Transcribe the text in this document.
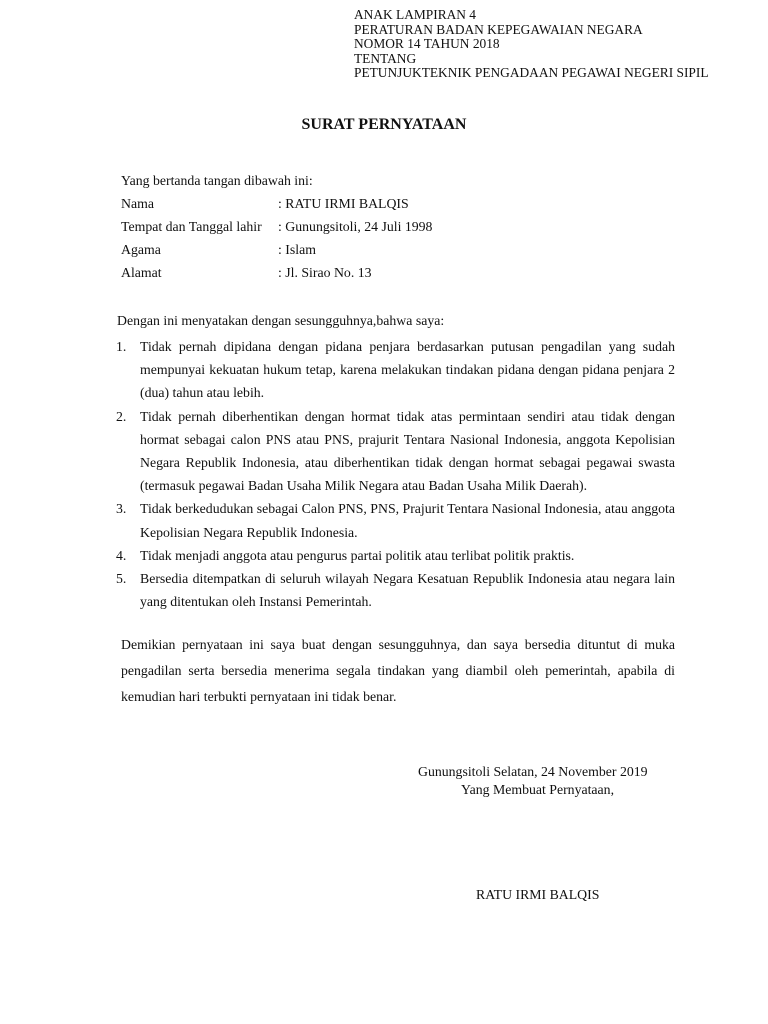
ANAK LAMPIRAN 4
PERATURAN BADAN KEPEGAWAIAN NEGARA
NOMOR 14 TAHUN 2018
TENTANG
PETUNJUKTEKNIK PENGADAAN PEGAWAI NEGERI SIPIL
SURAT PERNYATAAN
Yang bertanda tangan dibawah ini:
Nama	: RATU IRMI BALQIS
Tempat dan Tanggal lahir : Gunungsitoli, 24 Juli 1998
Agama	: Islam
Alamat	: Jl. Sirao No. 13
Dengan ini menyatakan dengan sesungguhnya,bahwa saya:
1. Tidak pernah dipidana dengan pidana penjara berdasarkan putusan pengadilan yang sudah mempunyai kekuatan hukum tetap, karena melakukan tindakan pidana dengan pidana penjara 2 (dua) tahun atau lebih.
2. Tidak pernah diberhentikan dengan hormat tidak atas permintaan sendiri atau tidak dengan hormat sebagai calon PNS atau PNS, prajurit Tentara Nasional Indonesia, anggota Kepolisian Negara Republik Indonesia, atau diberhentikan tidak dengan hormat sebagai pegawai swasta (termasuk pegawai Badan Usaha Milik Negara atau Badan Usaha Milik Daerah).
3. Tidak berkedudukan sebagai Calon PNS, PNS, Prajurit Tentara Nasional Indonesia, atau anggota Kepolisian Negara Republik Indonesia.
4. Tidak menjadi anggota atau pengurus partai politik atau terlibat politik praktis.
5. Bersedia ditempatkan di seluruh wilayah Negara Kesatuan Republik Indonesia atau negara lain yang ditentukan oleh Instansi Pemerintah.
Demikian pernyataan ini saya buat dengan sesungguhnya, dan saya bersedia dituntut di muka pengadilan serta bersedia menerima segala tindakan yang diambil oleh pemerintah, apabila di kemudian hari terbukti pernyataan ini tidak benar.
Gunungsitoli Selatan, 24 November 2019
Yang Membuat Pernyataan,
RATU IRMI BALQIS
